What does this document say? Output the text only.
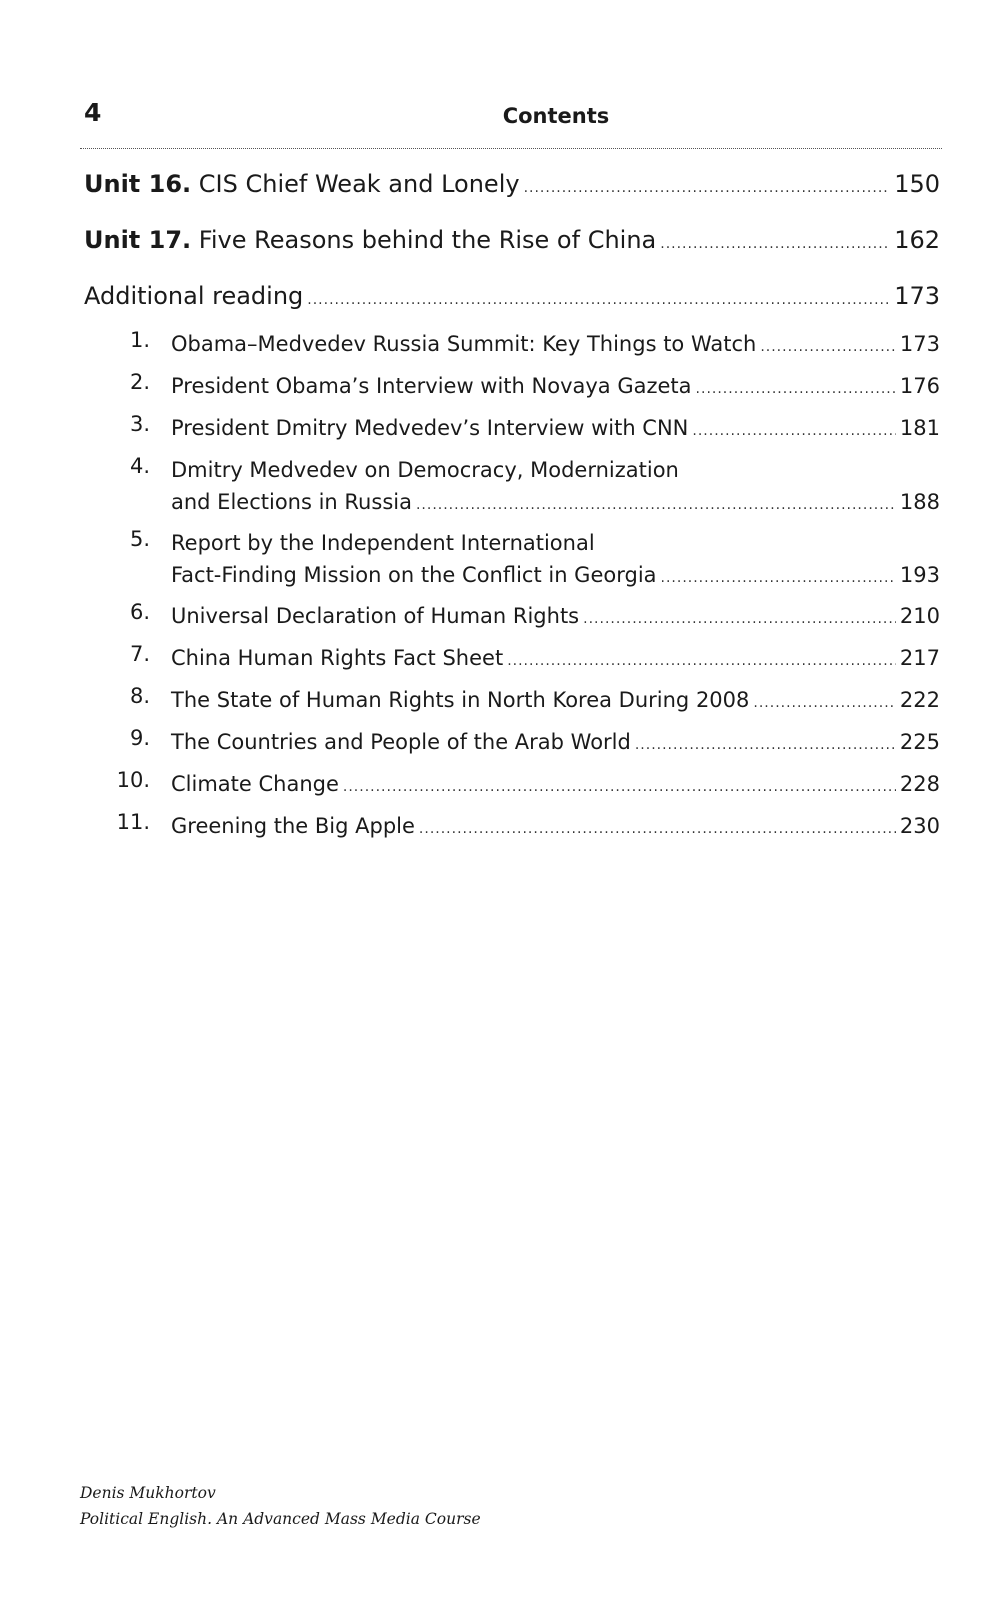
4	Contents
Unit 16. CIS Chief Weak and Lonely .....	150
Unit 17. Five Reasons behind the Rise of China .....	162
Additional reading .....	173
1. Obama–Medvedev Russia Summit: Key Things to Watch .....	173
2. President Obama’s Interview with Novaya Gazeta .....	176
3. President Dmitry Medvedev’s Interview with CNN .....	181
4. Dmitry Medvedev on Democracy, Modernization
and Elections in Russia .....	188
5. Report by the Independent International
Fact-Finding Mission on the Conflict in Georgia .....	193
6. Universal Declaration of Human Rights .....	210
7. China Human Rights Fact Sheet .....	217
8. The State of Human Rights in North Korea During 2008 .....	222
9. The Countries and People of the Arab World .....	225
10. Climate Change .....	228
11. Greening the Big Apple .....	230
Denis Mukhortov
Political English. An Advanced Mass Media Course
